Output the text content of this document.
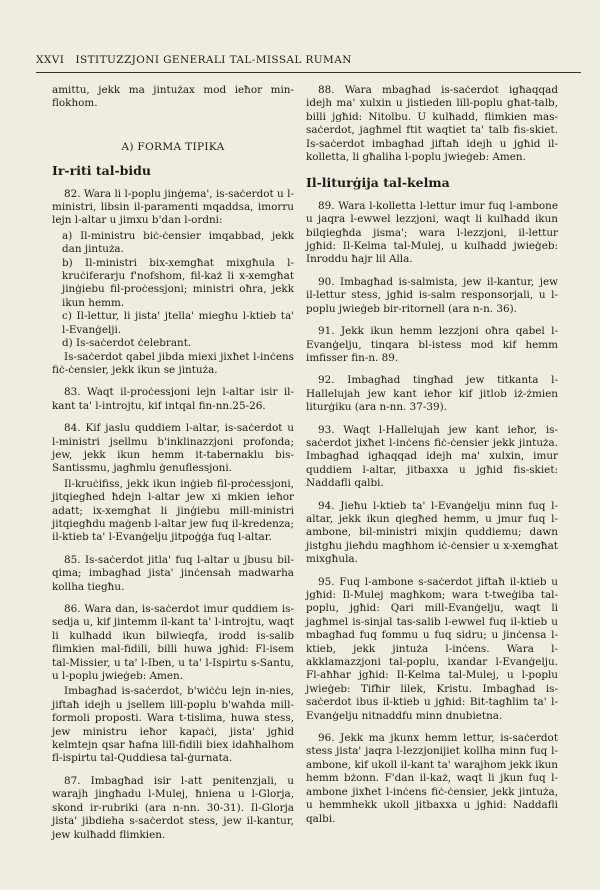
XXVI ISTITUZZJONI GENERALI TAL-MISSAL RUMAN

amittu, jekk ma jintużax mod ieħor min-flokhom.

A) FORMA TIPIKA
Ir-riti tal-bidu

82. Wara li l-poplu jinġema', is-saċerdot u l-ministri, libsin il-paramenti mqaddsa, imorru lejn l-altar u jimxu b'dan l-ordni:

a) Il-ministru biċ-ċensier imqabbad, jekk dan jintuża.

b) Il-ministri bix-xemgħat mixgħula l-kruċiferarju f'nofshom, fil-każ li x-xemgħat jinġiebu fil-proċessjoni; ministri oħra, jekk ikun hemm.

c) Il-lettur, li jista' jtella' miegħu l-ktieb ta' l-Evanġelji.

d) Is-saċerdot ċelebrant.

Is-saċerdot qabel jibda miexi jixħet l-inċens fiċ-ċensier, jekk ikun se jintuża.

83. Waqt il-proċessjoni lejn l-altar isir il-kant ta' l-introjtu, kif intqal fin-nn.25-26.

84. Kif jaslu quddiem l-altar, is-saċerdot u l-ministri jsellmu b'inklinazzjoni profonda; jew, jekk ikun hemm it-tabernaklu bis-Santissmu, jagħmlu ġenuflessjoni.

Il-kruċifiss, jekk ikun inġieb fil-proċessjoni, jitqiegħed ħdejn l-altar jew xi mkien ieħor adatt; ix-xemgħat li jinġiebu mill-ministri jitqiegħdu maġenb l-altar jew fuq il-kredenza; il-ktieb ta' l-Evanġelju jitpoġġa fuq l-altar.

85. Is-saċerdot jitla' fuq l-altar u jbusu bil-qima; imbagħad jista' jinċensah madwarha kollha tiegħu.

86. Wara dan, is-saċerdot imur quddiem is-sedja u, kif jintemm il-kant ta' l-introjtu, waqt li kulħadd ikun bilwieqfa, irodd is-salib flimkien mal-fidili, billi huwa jgħid: Fl-isem tal-Missier, u ta' l-Iben, u ta' l-Ispirtu s-Santu, u l-poplu jwieġeb: Amen.

Imbagħad is-saċerdot, b'wiċċu lejn in-nies, jiftaħ idejh u jsellem lill-poplu b'waħda mill-formoli proposti. Wara t-tislima, huwa stess, jew ministru ieħor kapaċi, jista' jgħid kelmtejn qsar ħafna lill-fidili biex idaħħalhom fl-ispirtu tal-Quddiesa tal-ġurnata.

87. Imbagħad isir l-att penitenzjali, u warajh jingħadu l-Mulej, ħniena u l-Glorja, skond ir-rubriki (ara n-nn. 30-31). Il-Glorja jista' jibdieha s-saċerdot stess, jew il-kantur, jew kulħadd flimkien.

88. Wara mbagħad is-saċerdot igħaqqad idejh ma' xulxin u jistieden lill-poplu għat-talb, billi jgħid: Nitolbu. U kulħadd, flimkien mas-saċerdot, jagħmel ftit waqtiet ta' talb fis-skiet. Is-saċerdot imbagħad jiftaħ idejh u jgħid il-kolletta, li għaliha l-poplu jwieġeb: Amen.

Il-liturġija tal-kelma

89. Wara l-kolletta l-lettur imur fuq l-ambone u jaqra l-ewwel lezzjoni, waqt li kulħadd ikun bilqiegħda jisma'; wara l-lezzjoni, il-lettur jgħid: Il-Kelma tal-Mulej, u kulħadd jwieġeb: Inroddu ħajr lil Alla.

90. Imbagħad is-salmista, jew il-kantur, jew il-lettur stess, jgħid is-salm responsorjali, u l-poplu jwieġeb bir-ritornell (ara n-n. 36).

91. Jekk ikun hemm lezzjoni oħra qabel l-Evanġelju, tinqara bl-istess mod kif hemm imfisser fin-n. 89.

92. Imbagħad tingħad jew titkanta l-Hallelujah jew kant ieħor kif jitlob iż-żmien liturġiku (ara n-nn. 37-39).

93. Waqt l-Hallelujah jew kant ieħor, is-saċerdot jixħet l-inċens fiċ-ċensier jekk jintuża. Imbagħad igħaqqad idejh ma' xulxin, imur quddiem l-altar, jitbaxxa u jgħid fis-skiet: Naddafli qalbi.

94. Jieħu l-ktieb ta' l-Evanġelju minn fuq l-altar, jekk ikun qiegħed hemm, u jmur fuq l-ambone, bil-ministri mixjin quddiemu; dawn jistgħu jieħdu magħhom iċ-ċensier u x-xemgħat mixgħula.

95. Fuq l-ambone s-saċerdot jiftaħ il-ktieb u jgħid: Il-Mulej magħkom; wara t-tweġiba tal-poplu, jgħid: Qari mill-Evanġelju, waqt li jagħmel is-sinjal tas-salib l-ewwel fuq il-ktieb u mbagħad fuq fommu u fuq sidru; u jinċensa l-ktieb, jekk jintuża l-inċens. Wara l-akklamazzjoni tal-poplu, ixandar l-Evanġelju. Fl-aħħar jgħid: Il-Kelma tal-Mulej, u l-poplu jwieġeb: Tifħir lilek, Kristu. Imbagħad is-saċerdot ibus il-ktieb u jgħid: Bit-tagħlim ta' l-Evanġelju nitnaddfu minn dnubietna.

96. Jekk ma jkunx hemm lettur, is-saċerdot stess jista' jaqra l-lezzjonijiet kollha minn fuq l-ambone, kif ukoll il-kant ta' warajhom jekk ikun hemm bżonn. F'dan il-każ, waqt li jkun fuq l-ambone jixħet l-inċens fiċ-ċensier, jekk jintuża, u hemmhekk ukoll jitbaxxa u jgħid: Naddafli qalbi.
